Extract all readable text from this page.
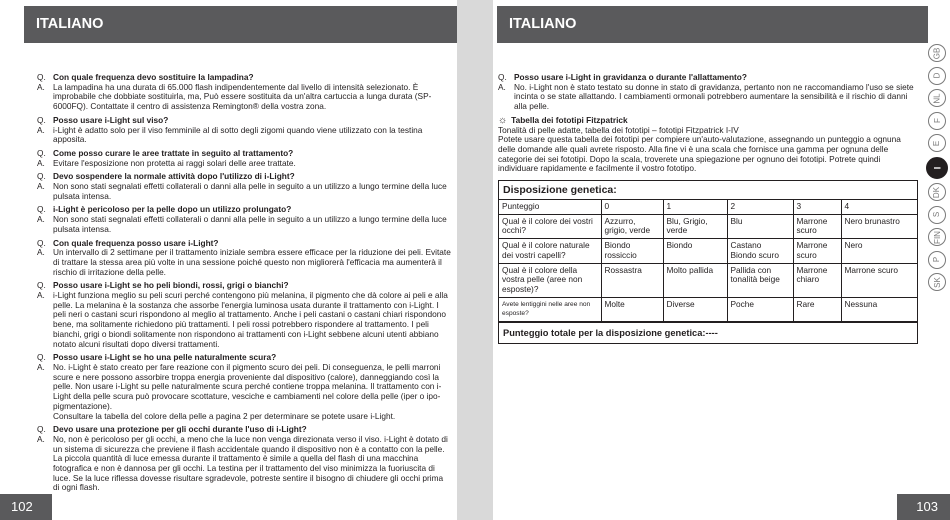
ITALIANO
Q. Con quale frequenza devo sostituire la lampadina?
A. La lampadina ha una durata di 65.000 flash indipendentemente dal livello di intensità selezionato. È improbabile che dobbiate sostituirla, ma, Può essere sostituita da un'altra cartuccia a lunga durata (SP-6000FQ). Contattate il centro di assistenza Remington® della vostra zona.
Q. Posso usare i-Light sul viso?
A. i-Light è adatto solo per il viso femminile al di sotto degli zigomi quando viene utilizzato con la testina apposita.
Q. Come posso curare le aree trattate in seguito al trattamento?
A. Evitare l'esposizione non protetta ai raggi solari delle aree trattate.
Q. Devo sospendere la normale attività dopo l'utilizzo di i-Light?
A. Non sono stati segnalati effetti collaterali o danni alla pelle in seguito a un utilizzo a lungo termine della luce pulsata intensa.
Q. i-Light è pericoloso per la pelle dopo un utilizzo prolungato?
A. Non sono stati segnalati effetti collaterali o danni alla pelle in seguito a un utilizzo a lungo termine della luce pulsata intensa.
Q. Con quale frequenza posso usare i-Light?
A. Un intervallo di 2 settimane per il trattamento iniziale sembra essere efficace per la riduzione dei peli. Evitate di trattare la stessa area più volte in una sessione poiché questo non migliorerà l'efficacia ma aumenterà il rischio di irritazione della pelle.
Q. Posso usare i-Light se ho peli biondi, rossi, grigi o bianchi?
A. i-Light funziona meglio su peli scuri perché contengono più melanina, il pigmento che dà colore ai peli e alla pelle. La melanina è la sostanza che assorbe l'energia luminosa usata durante il trattamento con i-Light. I peli neri o castani scuri rispondono al meglio al trattamento. Anche i peli castani o castani chiari rispondono bene, ma solitamente richiedono più trattamenti. I peli rossi potrebbero rispondere al trattamento. I peli bianchi, grigi o biondi solitamente non rispondono ai trattamenti con i-Light sebbene alcuni utenti abbiano notato alcuni risultati dopo diversi trattamenti.
Q. Posso usare i-Light se ho una pelle naturalmente scura?
A. No. i-Light è stato creato per fare reazione con il pigmento scuro dei peli. Di conseguenza, le pelli marroni scure e nere possono assorbire troppa energia proveniente dal dispositivo (calore), danneggiando così la pelle. Non usare i-Light su pelle naturalmente scura perché contiene troppa melanina. Il trattamento con i-Light della pelle scura può provocare scottature, vesciche e cambiamenti nel colore della pelle (iper o ipo-pigmentazione).
Consultare la tabella del colore della pelle a pagina 2 per determinare se potete usare i-Light.
Q. Devo usare una protezione per gli occhi durante l'uso di i-Light?
A. No, non è pericoloso per gli occhi, a meno che la luce non venga direzionata verso il viso. i-Light è dotato di un sistema di sicurezza che previene il flash accidentale quando il dispositivo non è a contatto con la pelle. La piccola quantità di luce emessa durante il trattamento è simile a quella del flash di una macchina fotografica e non è dannosa per gli occhi. La testina per il trattamento del viso minimizza la fuoriuscita di luce. Se la luce riflessa dovesse risultare sgradevole, potreste sentire il bisogno di chiudere gli occhi prima di ogni flash.
102
ITALIANO
Q. Posso usare i-Light in gravidanza o durante l'allattamento?
A. No. i-Light non è stato testato su donne in stato di gravidanza, pertanto non ne raccomandiamo l'uso se siete incinta o se state allattando. I cambiamenti ormonali potrebbero aumentare la sensibilità e il rischio di danni alla pelle.
☼ Tabella dei fototipi Fitzpatrick
Tonalità di pelle adatte, tabella dei fototipi – fototipi Fitzpatrick I-IV
Potete usare questa tabella dei fototipi per compiere un'auto-valutazione, assegnando un punteggio a ognuna delle domande alle quali avrete risposto. Alla fine vi è una scala che fornisce una gamma per ognuna delle categorie dei sei fototipi. Dopo la scala, troverete una spiegazione per ognuno dei fototipi. Potrete quindi individuare rapidamente e facilmente il vostro fototipo.
Disposizione genetica:
Punteggio	0	1	2	3	4
Qual è il colore dei vostri occhi?	Azzurro, grigio, verde	Blu, Grigio, verde	Blu	Marrone scuro	Nero brunastro
Qual è il colore naturale dei vostri capelli?	Biondo rossiccio	Biondo	Castano Biondo scuro	Marrone scuro	Nero
Qual è il colore della vostra pelle (aree non esposte)?	Rossastra	Molto pallida	Pallida con tonalità beige	Marrone chiaro	Marrone scuro
Avete lentiggini nelle aree non esposte?	Molte	Diverse	Poche	Rare	Nessuna
Punteggio totale per la disposizione genetica:----
GB
D
NL
F
E
I
DK
S
FIN
P
SK
103
